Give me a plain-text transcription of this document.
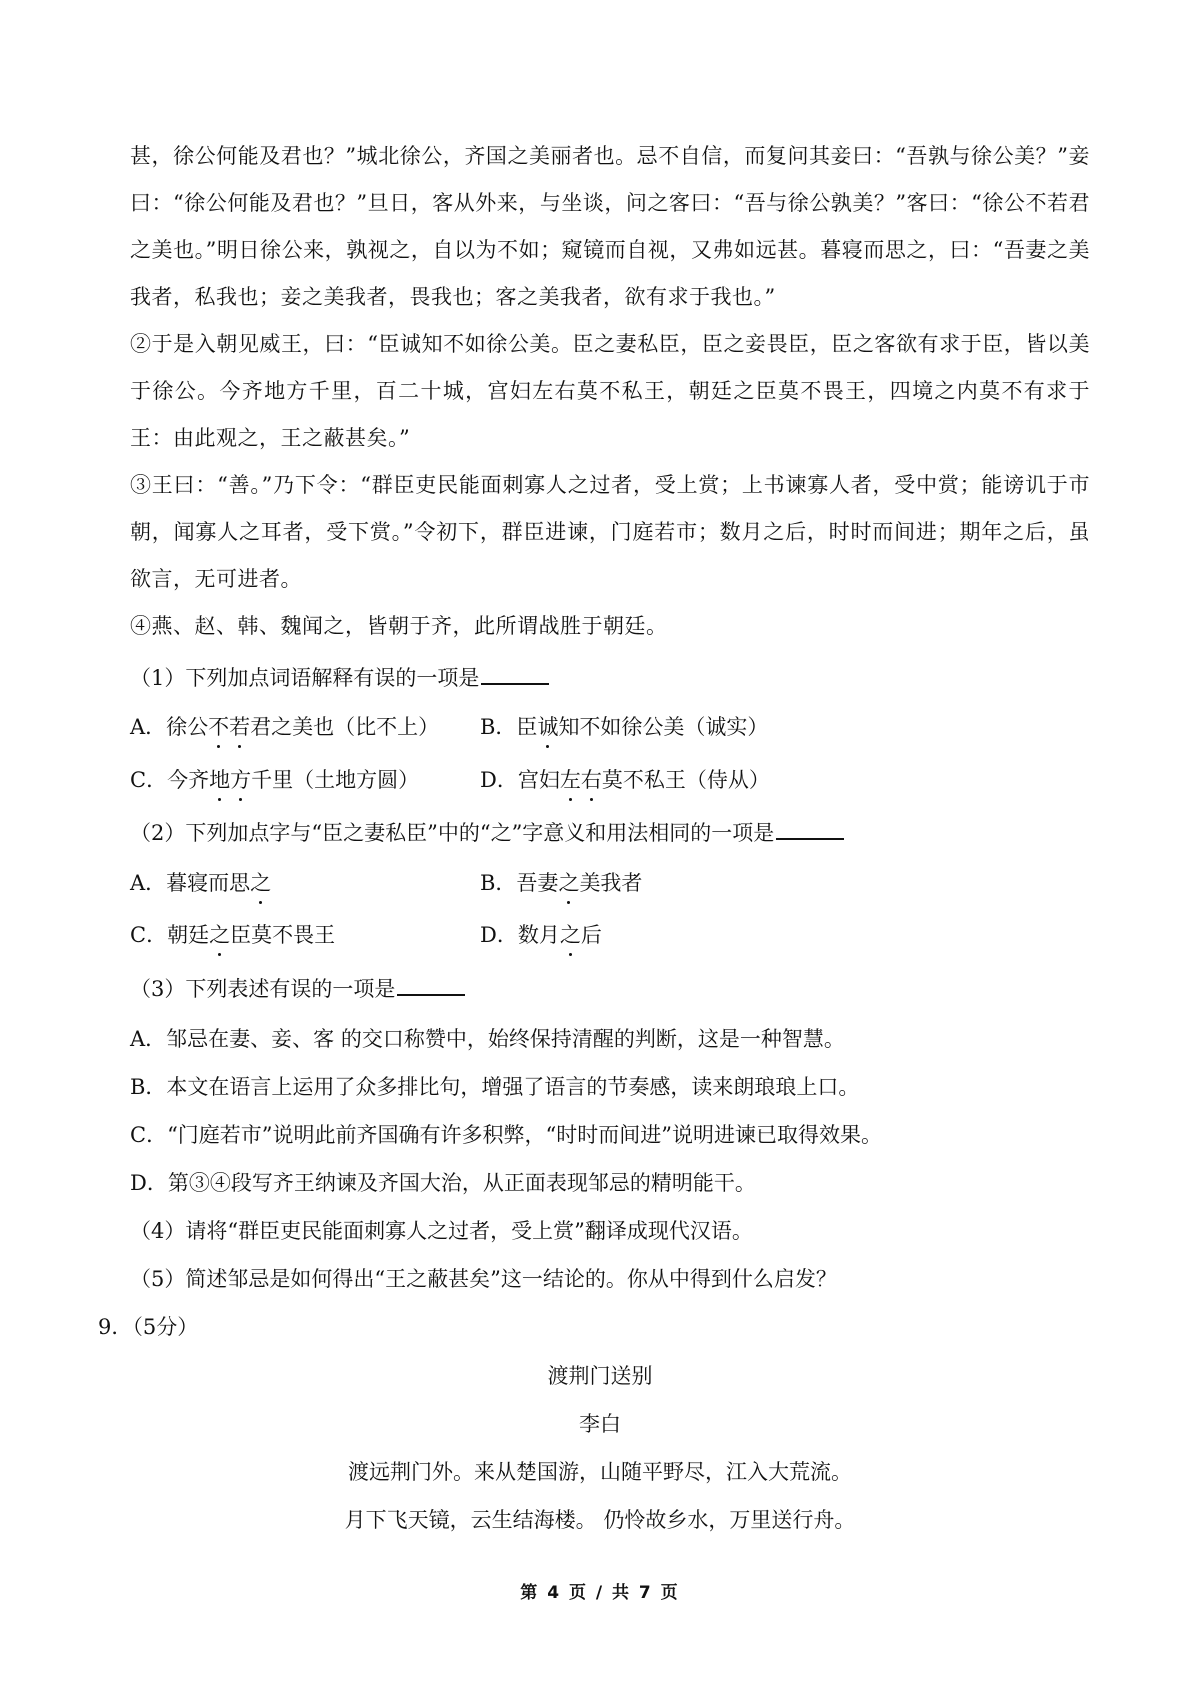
甚，徐公何能及君也？”城北徐公，齐国之美丽者也。忌不自信，而复问其妾曰：“吾孰与徐公美？”妾曰：“徐公何能及君也？”旦日，客从外来，与坐谈，问之客曰：“吾与徐公孰美？”客曰：“徐公不若君之美也。”明日徐公来，孰视之，自以为不如；窥镜而自视，又弗如远甚。暮寝而思之，曰：“吾妻之美我者，私我也；妾之美我者，畏我也；客之美我者，欲有求于我也。”
②于是入朝见威王，曰：“臣诚知不如徐公美。臣之妻私臣，臣之妾畏臣，臣之客欲有求于臣，皆以美于徐公。今齐地方千里，百二十城，宫妇左右莫不私王，朝廷之臣莫不畏王，四境之内莫不有求于王：由此观之，王之蔽甚矣。”
③王曰：“善。”乃下令：“群臣吏民能面刺寡人之过者，受上赏；上书谏寡人者，受中赏；能谤讥于市朝，闻寡人之耳者，受下赏。”令初下，群臣进谏，门庭若市；数月之后，时时而间进；期年之后，虽欲言，无可进者。
④燕、赵、韩、魏闻之，皆朝于齐，此所谓战胜于朝廷。
（1）下列加点词语解释有误的一项是
A．徐公不若君之美也（比不上） B．臣诚知不如徐公美（诚实）
C．今齐地方千里（土地方圆）	D．宫妇左右莫不私王（侍从）
（2）下列加点字与“臣之妻私臣”中的“之”字意义和用法相同的一项是
A．暮寝而思之	B．吾妻之美我者
C．朝廷之臣莫不畏王	D．数月之后
（3）下列表述有误的一项是
A．邹忌在妻、妾、客 的交口称赞中，始终保持清醒的判断，这是一种智慧。
B．本文在语言上运用了众多排比句，增强了语言的节奏感，读来朗琅琅上口。
C．“门庭若市”说明此前齐国确有许多积弊，“时时而间进”说明进谏已取得效果。
D．第③④段写齐王纳谏及齐国大治，从正面表现邹忌的精明能干。
（4）请将“群臣吏民能面刺寡人之过者，受上赏”翻译成现代汉语。
（5）简述邹忌是如何得出“王之蔽甚矣”这一结论的。你从中得到什么启发？
9．（5分）
渡荆门送别
李白
渡远荆门外。来从楚国游，山随平野尽，江入大荒流。
月下飞天镜，云生结海楼。 仍怜故乡水，万里送行舟。
第 4 页 / 共 7 页
